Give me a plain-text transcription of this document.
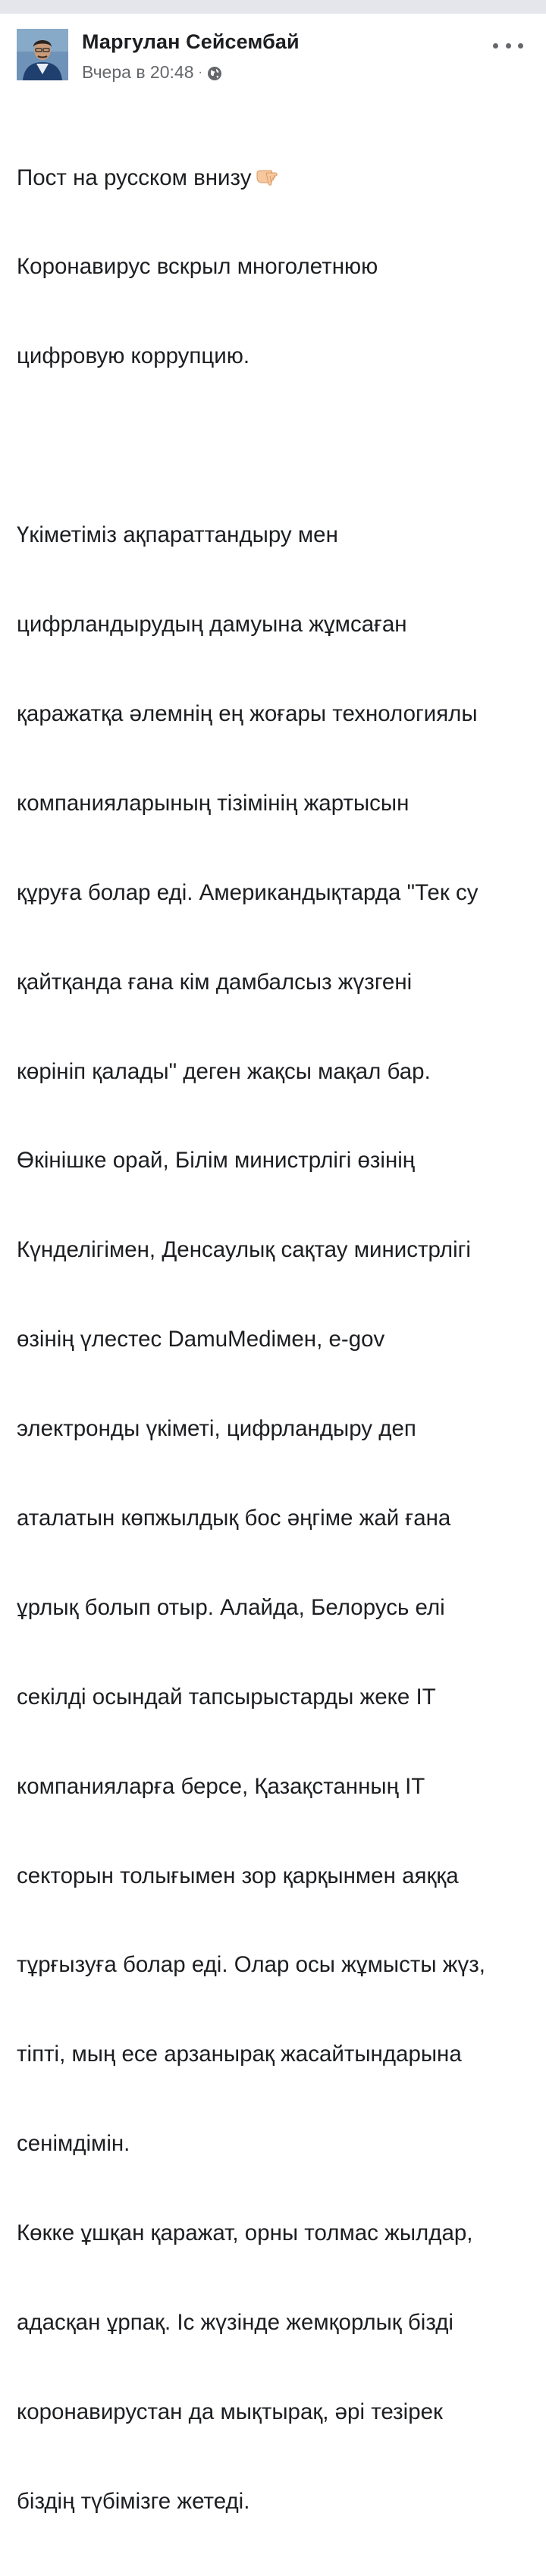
Маргулан Сейсембай
Вчера в 20:48 ·

Пост на русском внизу

Коронавирус вскрыл многолетнюю

цифровую коррупцию.

Үкіметіміз ақпараттандыру мен

цифрландырудың дамуына жұмсаған

қаражатқа әлемнің ең жоғары технологиялы

компанияларының тізімінің жартысын

құруға болар еді. Американдықтарда "Тек су

қайтқанда ғана кім дамбалсыз жүзгені

көрініп қалады" деген жақсы мақал бар.

Өкінішке орай, Білім министрлігі өзінің

Күнделігімен, Денсаулық сақтау министрлігі

өзінің үлестес DamuMedімен, e-gov

электронды үкіметі, цифрландыру деп

аталатын көпжылдық бос әңгіме жай ғана

ұрлық болып отыр. Алайда, Белорусь елі

секілді осындай тапсырыстарды жеке IT

компанияларға берсе, Қазақстанның IT

секторын толығымен зор қарқынмен аяққа

тұрғызуға болар еді. Олар осы жұмысты жүз,

тіпті, мың есе арзанырақ жасайтындарына

сенімдімін.

Көкке ұшқан қаражат, орны толмас жылдар,

адасқан ұрпақ. Іс жүзінде жемқорлық бізді

коронавирустан да мықтырақ, әрі тезірек

біздің түбімізге жетеді.
